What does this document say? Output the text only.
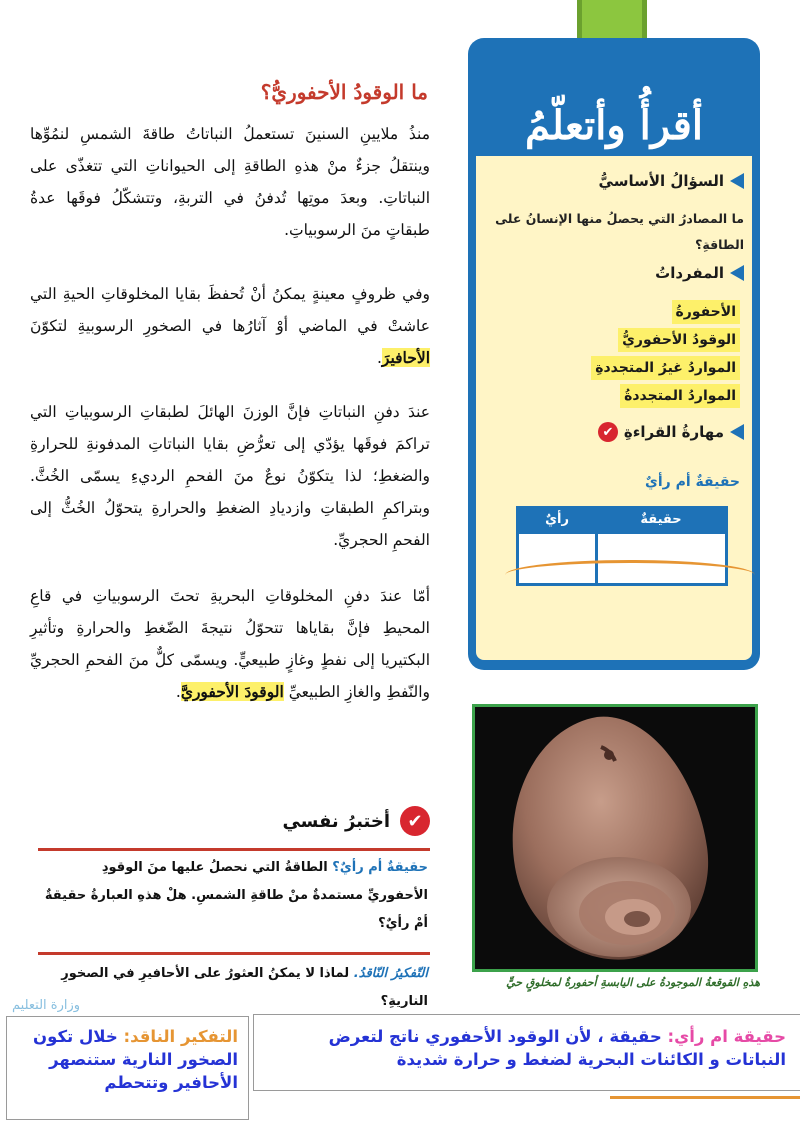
أقرأُ وأتعلّمُ
السؤالُ الأساسيُّ
ما المصادرُ التي يحصلُ منها الإنسانُ على الطاقةِ؟
المفرداتُ
الأحفورةُ
الوقودُ الأحفوريُّ
المواردُ غيرُ المتجددةِ
المواردُ المتجددةُ
مهارةُ القراءةِ
✔
حقيقةٌ أم رأيٌ
حقيقةٌ	رأيٌ

هذهِ القوقعةُ الموجودةُ على اليابسةِ أحفورةٌ لمخلوقٍ حيٍّ
ما الوقودُ الأحفوريُّ؟
منذُ ملايينِ السنينَ تستعملُ النباتاتُ طاقةَ الشمسِ لنمُوِّها وينتقلُ جزءٌ منْ هذهِ الطاقةِ إلى الحيواناتِ التي تتغذّى على النباتاتِ. وبعدَ موتِها تُدفنُ في التربةِ، وتتشكّلُ فوقَها عدةُ طبقاتٍ منَ الرسوبياتِ.
وفي ظروفٍ معينةٍ يمكنُ أنْ تُحفظَ بقايا المخلوقاتِ الحيةِ التي عاشتْ في الماضي أوْ آثارُها في الصخورِ الرسوبيةِ لتكوّنَ الأحافيرَ.
عندَ دفنِ النباتاتِ فإنَّ الوزنَ الهائلَ لطبقاتِ الرسوبياتِ التي تراكمَ فوقَها يؤدّي إلى تعرُّضِ بقايا النباتاتِ المدفونةِ للحرارةِ والضغطِ؛ لذا يتكوّنُ نوعٌ منَ الفحمِ الرديءِ يسمّى الخُثَّ. وبتراكمِ الطبقاتِ وازديادِ الضغطِ والحرارةِ يتحوّلُ الخُثُّ إلى الفحمِ الحجريِّ.
أمّا عندَ دفنِ المخلوقاتِ البحريةِ تحتَ الرسوبياتِ في قاعِ المحيطِ فإنَّ بقاياها تتحوّلُ نتيجةَ الضّغطِ والحرارةِ وتأثيرِ البكتيريا إلى نفطٍ وغازٍ طبيعيٍّ. ويسمّى كلٌّ منَ الفحمِ الحجريِّ والنّفطِ والغازِ الطبيعيِّ الوقودَ الأحفوريَّ.
✔
أختبرُ نفسي
حقيقةٌ أم رأيٌ؟ الطاقةُ التي نحصلُ عليها منَ الوقودِ الأحفوريِّ مستمدةٌ منْ طاقةِ الشمسِ. هلْ هذهِ العبارةُ حقيقةٌ أمْ رأيٌ؟
التّفكيرُ النّاقدُ. لماذا لا يمكنُ العثورُ على الأحافيرِ في الصخورِ الناريةِ؟
وزارة التعليم
حقيقة ام رأي: حقيقة ، لأن الوقود الأحفوري ناتج لتعرض النباتات و الكائنات البحرية لضغط و حرارة شديدة
التفكير الناقد: خلال تكون الصخور النارية ستنصهر الأحافير وتتحطم
